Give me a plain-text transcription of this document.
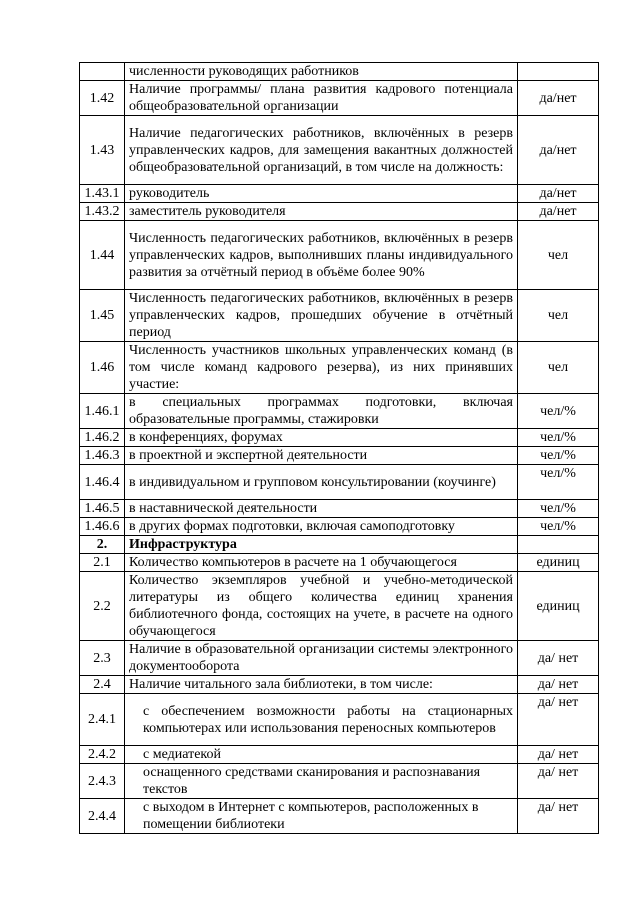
	численности руководящих работников	
1.42	Наличие программы/ плана развития кадрового потенциала общеобразовательной организации	да/нет
1.43	Наличие педагогических работников, включённых в резерв управленческих кадров, для замещения вакантных должностей общеобразовательной организаций, в том числе на должность:	да/нет
1.43.1	руководитель	да/нет
1.43.2	заместитель руководителя	да/нет
1.44	Численность педагогических работников, включённых в резерв управленческих кадров, выполнивших планы индивидуального развития за отчётный период в объёме более 90%	чел
1.45	Численность педагогических работников, включённых в резерв управленческих кадров, прошедших обучение в отчётный период	чел
1.46	Численность участников школьных управленческих команд (в том числе команд кадрового резерва), из них принявших участие:	чел
1.46.1	в специальных программах подготовки, включая образовательные программы, стажировки	чел/%
1.46.2	в конференциях, форумах	чел/%
1.46.3	в проектной и экспертной деятельности	чел/%
1.46.4	в индивидуальном и групповом консультировании (коучинге)	чел/%
1.46.5	в наставнической деятельности	чел/%
1.46.6	в других формах подготовки, включая самоподготовку	чел/%
2.	Инфраструктура	
2.1	Количество компьютеров в расчете на 1 обучающегося	единиц
2.2	Количество экземпляров учебной и учебно-методической литературы из общего количества единиц хранения библиотечного фонда, состоящих на учете, в расчете на одного обучающегося	единиц
2.3	Наличие в образовательной организации системы электронного документооборота	да/ нет
2.4	Наличие читального зала библиотеки, в том числе:	да/ нет
2.4.1	с обеспечением возможности работы на стационарных компьютерах или использования переносных компьютеров	да/ нет
2.4.2	с медиатекой	да/ нет
2.4.3	оснащенного средствами сканирования и распознавания текстов	да/ нет
2.4.4	с выходом в Интернет с компьютеров, расположенных в помещении библиотеки	да/ нет
